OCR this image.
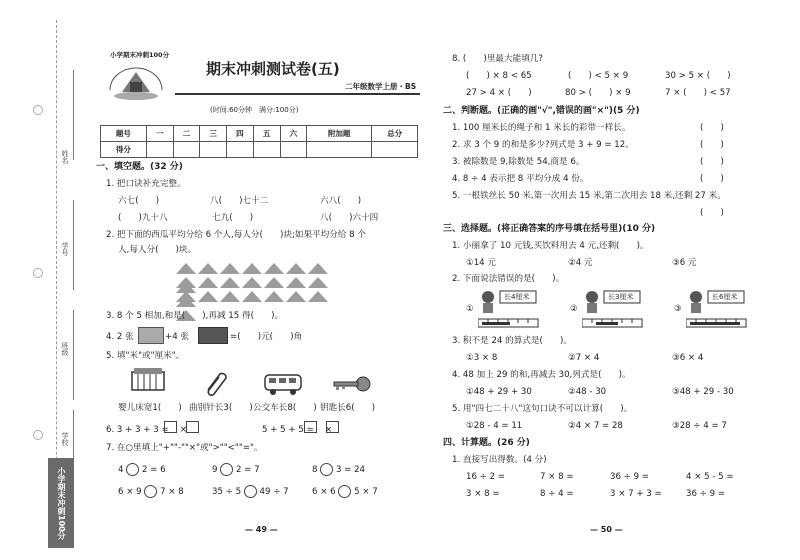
姓名
学号
班级
学校
小学期末冲刺100分
小学期末冲刺100分
期末冲刺测试卷(五)
二年级数学上册・BS
(时间:60分钟　满分:100分)
题号	一	二	三	四	五	六	附加题	总分
得分								
一、填空题。(32 分)
1. 把口诀补充完整。
六七(　　)	八(　　)七十二	六八(　　)
(　　)九十八	七九(　　)	八(　　)六十四
2. 把下面的西瓜平均分给 6 个人,每人分(　　)块;如果平均分给 8 个
人,每人分(　　)块。
3. 8 个 5 相加,和是(　　),再减 15 得(　　)。
4. 2 张	+4 张	=(　　)元(　　)角
5. 填"米"或"厘米"。
婴儿床宽1(　　) 曲别针长3(　　) 公交车长8(　　) 钥匙长6(　　)
6. 3 + 3 + 3 = 　×	5 + 5 + 5 = 　×
7. 在○里填上"+""-""×"或">""<""="。
4 2 = 6	9 2 = 7	8 3 = 24
6 × 9 7 × 8	35 ÷ 5 49 ÷ 7	6 × 6 5 × 7
— 49 —
8. (　　)里最大能填几?
(　　) × 8 < 65	(　　) < 5 × 9	30 > 5 × (　　)
27 > 4 × (　　)	80 > (　　) × 9	7 × (　　) < 57
二、判断题。(正确的画"√",错误的画"×")(5 分)
1. 100 厘米长的绳子和 1 米长的彩带一样长。	(　　)
2. 求 3 个 9 的和是多少?列式是 3 + 9 = 12。	(　　)
3. 被除数是 9,除数是 54,商是 6。	(　　)
4. 8 ÷ 4 表示把 8 平均分成 4 份。	(　　)
5. 一根铁丝长 50 米,第一次用去 15 米,第二次用去 18 米,还剩 27 米。
(　　)
三、选择题。(将正确答案的序号填在括号里)(10 分)
1. 小丽拿了 10 元钱,买饮料用去 4 元,还剩(　　)。
①14 元	②4 元	③6 元
2. 下面说法错误的是(　　)。
①
长4厘米
②
长3厘米
③
长6厘米
3. 积不是 24 的算式是(　　)。
①3 × 8	②7 × 4	③6 × 4
4. 48 加上 29 的和,再减去 30,列式是(　　)。
①48 + 29 + 30	②48 - 30	③48 + 29 - 30
5. 用"四七二十八"这句口诀不可以计算(　　)。
①28 - 4 = 11	②4 × 7 = 28	③28 ÷ 4 = 7
四、计算题。(26 分)
1. 直接写出得数。(4 分)
16 ÷ 2 =	7 × 8 =	36 ÷ 9 =	4 × 5 - 5 =
3 × 8 =	8 ÷ 4 =	3 × 7 + 3 =	36 ÷ 9 =
— 50 —
